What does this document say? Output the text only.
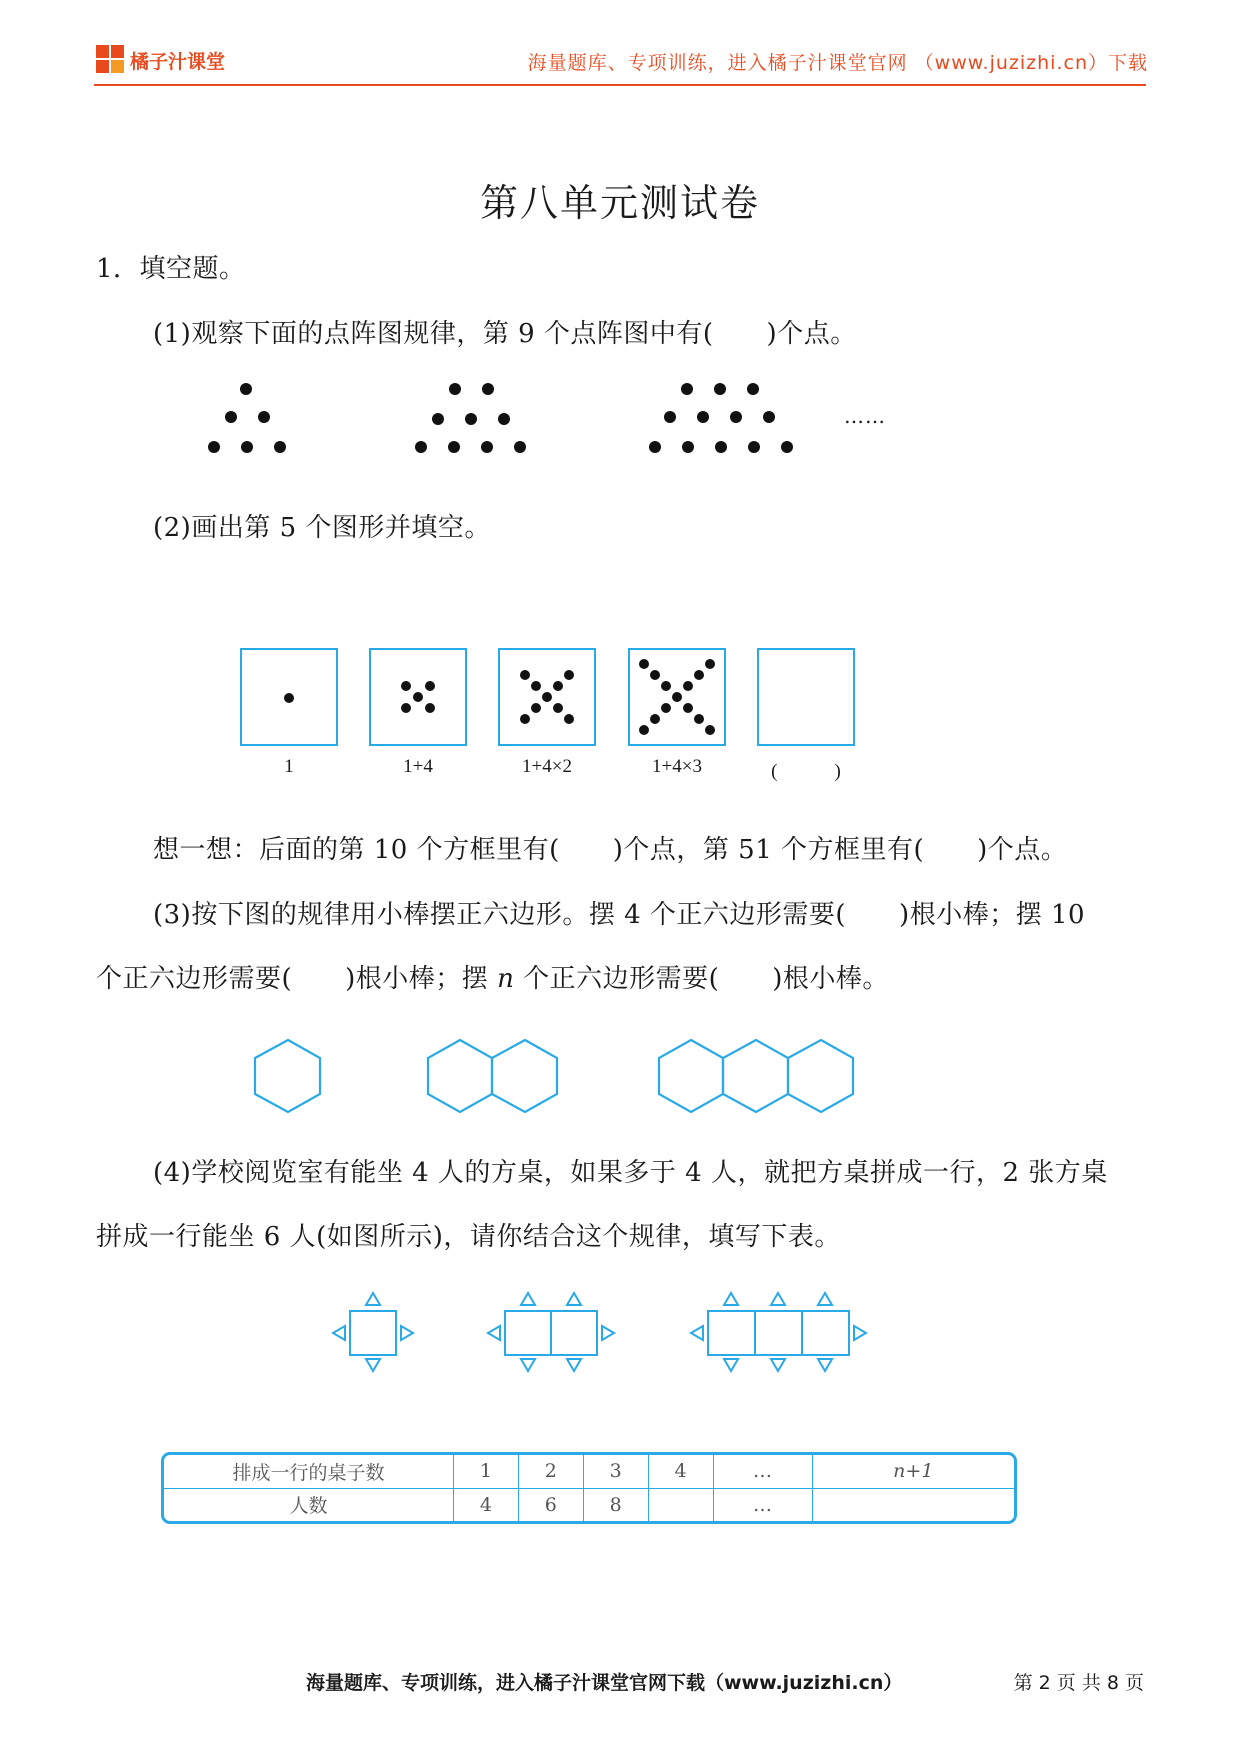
橘子汁课堂	海量题库、专项训练，进入橘子汁课堂官网 （www.juzizhi.cn）下载
第八单元测试卷
1．填空题。
(1)观察下面的点阵图规律，第 9 个点阵图中有(　　)个点。
……
(2)画出第 5 个图形并填空。
1	1+4	1+4×2	1+4×3	(　　　)
想一想：后面的第 10 个方框里有(　　)个点，第 51 个方框里有(　　)个点。
(3)按下图的规律用小棒摆正六边形。摆 4 个正六边形需要(　　)根小棒；摆 10
个正六边形需要(　　)根小棒；摆 n 个正六边形需要(　　)根小棒。
(4)学校阅览室有能坐 4 人的方桌，如果多于 4 人，就把方桌拼成一行，2 张方桌
拼成一行能坐 6 人(如图所示)，请你结合这个规律，填写下表。
排成一行的桌子数	1	2	3	4	…	n+1
人数	4	6	8		…	
海量题库、专项训练，进入橘子汁课堂官网下载（www.juzizhi.cn）	第 2 页 共 8 页
